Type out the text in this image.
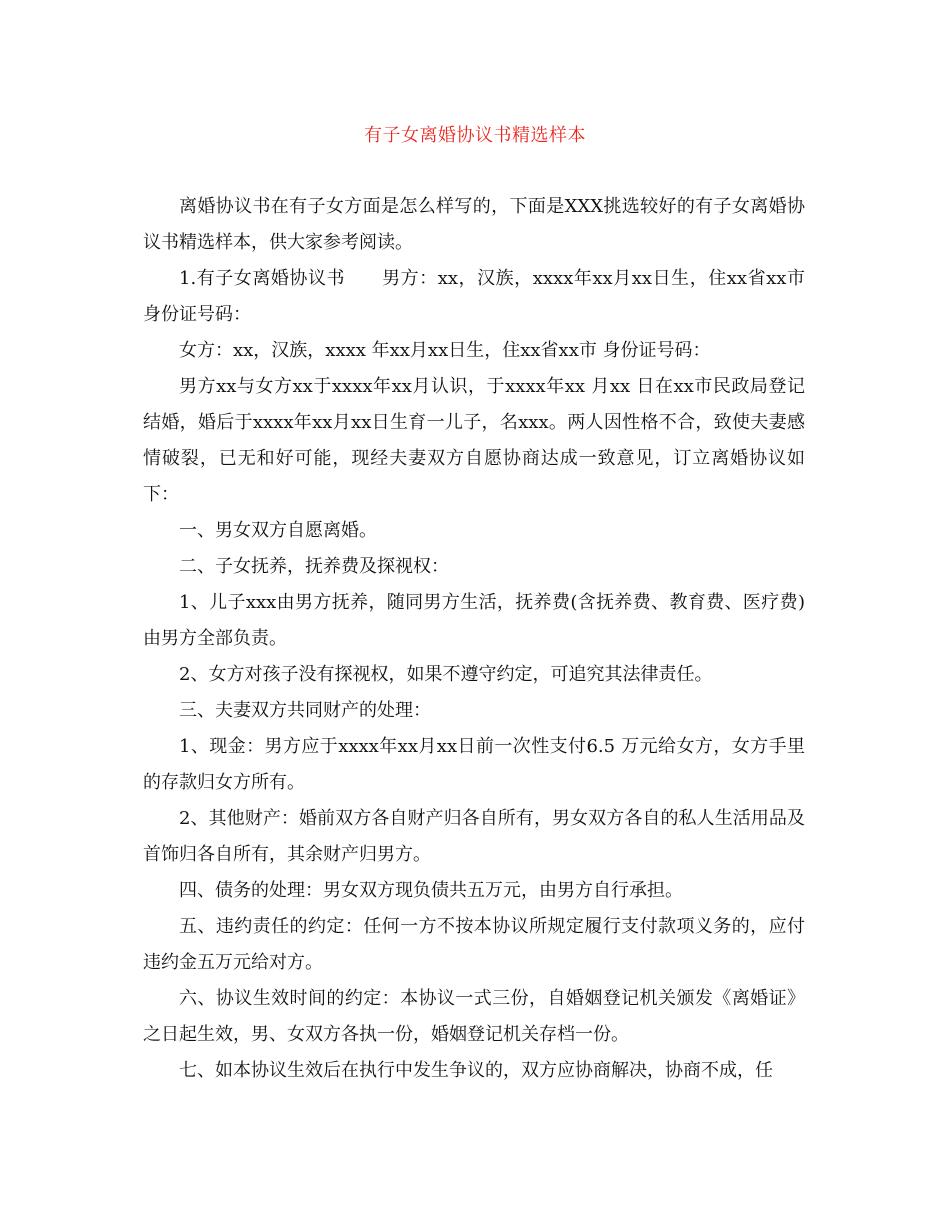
有子女离婚协议书精选样本

离婚协议书在有子女方面是怎么样写的，下面是XXX挑选较好的有子女离婚协议书精选样本，供大家参考阅读。

1.有子女离婚协议书　　男方：xx，汉族，xxxx年xx月xx日生，住xx省xx市 身份证号码：

女方：xx，汉族，xxxx 年xx月xx日生，住xx省xx市 身份证号码：

男方xx与女方xx于xxxx年xx月认识，于xxxx年xx 月xx 日在xx市民政局登记结婚，婚后于xxxx年xx月xx日生育一儿子，名xxx。两人因性格不合，致使夫妻感情破裂，已无和好可能，现经夫妻双方自愿协商达成一致意见，订立离婚协议如下：

一、男女双方自愿离婚。

二、子女抚养，抚养费及探视权：

1、儿子xxx由男方抚养，随同男方生活，抚养费(含抚养费、教育费、医疗费)由男方全部负责。

2、女方对孩子没有探视权，如果不遵守约定，可追究其法律责任。

三、夫妻双方共同财产的处理：

1、现金：男方应于xxxx年xx月xx日前一次性支付6.5 万元给女方，女方手里的存款归女方所有。

2、其他财产：婚前双方各自财产归各自所有，男女双方各自的私人生活用品及首饰归各自所有，其余财产归男方。

四、债务的处理：男女双方现负债共五万元，由男方自行承担。

五、违约责任的约定：任何一方不按本协议所规定履行支付款项义务的，应付违约金五万元给对方。

六、协议生效时间的约定：本协议一式三份，自婚姻登记机关颁发《离婚证》之日起生效，男、女双方各执一份，婚姻登记机关存档一份。

七、如本协议生效后在执行中发生争议的，双方应协商解决，协商不成，任
